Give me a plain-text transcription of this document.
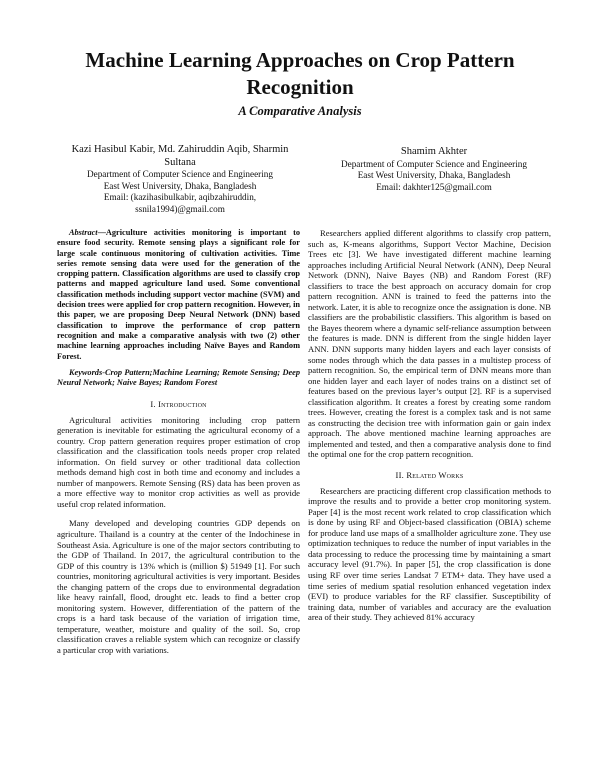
Machine Learning Approaches on Crop Pattern Recognition
A Comparative Analysis
Kazi Hasibul Kabir, Md. Zahiruddin Aqib, Sharmin Sultana
Department of Computer Science and Engineering
East West University, Dhaka, Bangladesh
Email: (kazihasibulkabir, aqibzahiruddin, ssnila1994)@gmail.com
Shamim Akhter
Department of Computer Science and Engineering
East West University, Dhaka, Bangladesh
Email: dakhter125@gmail.com

Abstract—Agriculture activities monitoring is important to ensure food security. Remote sensing plays a significant role for large scale continuous monitoring of cultivation activities. Time series remote sensing data were used for the generation of the cropping pattern. Classification algorithms are used to classify crop patterns and mapped agriculture land used. Some conventional classification methods including support vector machine (SVM) and decision trees were applied for crop pattern recognition. However, in this paper, we are proposing Deep Neural Network (DNN) based classification to improve the performance of crop pattern recognition and make a comparative analysis with two (2) other machine learning approaches including Naïve Bayes and Random Forest.

Keywords-Crop Pattern;Machine Learning; Remote Sensing; Deep Neural Network; Naive Bayes; Random Forest

I. Introduction

Agricultural activities monitoring including crop pattern generation is inevitable for estimating the agricultural economy of a country. Crop pattern generation requires proper estimation of crop classification and the classification tools needs proper crop related information. On field survey or other traditional data collection methods demand high cost in both time and economy and includes a number of manpowers. Remote Sensing (RS) data has been proven as a more effective way to monitor crop activities as well as provide useful crop related information.

Many developed and developing countries GDP depends on agriculture. Thailand is a country at the center of the Indochinese in Southeast Asia. Agriculture is one of the major sectors contributing to the GDP of Thailand. In 2017, the agricultural contribution to the GDP of this country is 13% which is (million $) 51949 [1]. For such countries, monitoring agricultural activities is very important. Besides the changing pattern of the crops due to environmental degradation like heavy rainfall, flood, drought etc. leads to find a better crop monitoring system. However, differentiation of the pattern of the crops is a hard task because of the variation of irrigation time, temperature, weather, moisture and quality of the soil. So, crop classification craves a reliable system which can recognize or classify a particular crop with variations.

Researchers applied different algorithms to classify crop pattern, such as, K-means algorithms, Support Vector Machine, Decision Trees etc [3]. We have investigated different machine learning approaches including Artificial Neural Network (ANN), Deep Neural Network (DNN), Naive Bayes (NB) and Random Forest (RF) classifiers to trace the best approach on accuracy domain for crop pattern recognition. ANN is trained to feed the patterns into the network. Later, it is able to recognize once the assignation is done. NB classifiers are the probabilistic classifiers. This algorithm is based on the Bayes theorem where a dynamic self-reliance assumption between the features is made. DNN is different from the single hidden layer ANN. DNN supports many hidden layers and each layer consists of some nodes through which the data passes in a multistep process of pattern recognition. So, the empirical term of DNN means more than one hidden layer and each layer of nodes trains on a distinct set of features based on the previous layer’s output [2]. RF is a supervised classification algorithm. It creates a forest by creating some random trees. However, creating the forest is a complex task and is not same as constructing the decision tree with information gain or gain index approach. The above mentioned machine learning approaches are implemented and tested, and then a comparative analysis done to find the optimal one for the crop pattern recognition.

II. Related Works

Researchers are practicing different crop classification methods to improve the results and to provide a better crop monitoring system. Paper [4] is the most recent work related to crop classification which is done by using RF and Object-based classification (OBIA) scheme for produce land use maps of a smallholder agriculture zone. They use optimization techniques to reduce the number of input variables in the data processing to reduce the processing time by maintaining a smart accuracy level (91.7%). In paper [5], the crop classification is done using RF over time series Landsat 7 ETM+ data. They have used a time series of medium spatial resolution enhanced vegetation index (EVI) to produce variables for the RF classifier. Susceptibility of training data, number of variables and accuracy are the evaluation area of their study. They achieved 81% accuracy
